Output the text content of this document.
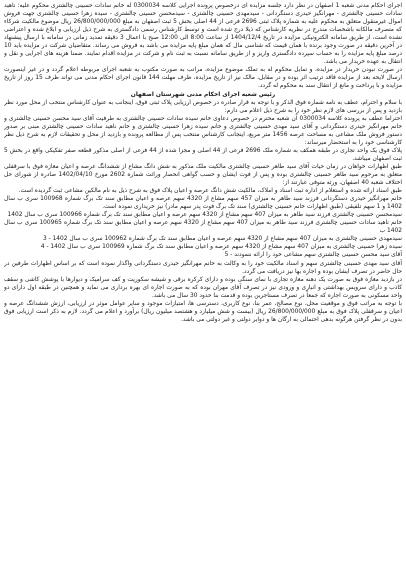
اجرای احکام مدنی شعبه 1 اصفهان در نظر دارد جلسه مزایده ای درخصوص پرونده اجرایی کلاسه 0300034 له خانم سادات حسینی چالشتری محکوم علیه: ناهید سادات حسینی چالشتری - مهرانگیز حیدری دستگردانی - سیدمهدی حسینی چالشتری - سیدمحسن حسینی چالشتری - سیده زهرا حسینی چالشتری جهت فروش اموال غیرمنقول متعلق به محکوم علیه به شماره پلاک ثبتی 2696 فرعی از 44 اصلی بخش 5 ثبت اصفهان به مبلغ 26/800/000/000 ریال موضوع مالکیت شرکاء که متصرف مالکانه باشخصات مندرج در نظریه کارشناس که ذیلا درج شده است و توسط کارشناس رسمی دادگستری به شرح ذیل ارزیابی و ابلاغ شده و اعتراضی نشده است، از طریق سامانه الکترونیکی مزایده در تاریخ 1404/12/4 از ساعت 8:00 الی 12:00 صبح با اعمال 3 دقیقه تمدید زمانی در سامانه با ارسال پیشنهاد در آخرین دقیقه در صورت وجود برنده با همان قیمت که شناسی مال که همان مبلغ پایه مزایده می باشد به فروش می رساند. متقاضیان شرکت در مزایده باید 10 درصد مبلغ پایه مزایده را به حساب سپرده دادگستری واریز و از طریق سامانه نسبت به ثبت نام و شرکت در مزایده اقدام نمایند. ضمنا هزینه های اجرایی و نقل و انتقال به عهده خریدار می باشد.

در صورت نبودن خریدار در مزایده، و تمایل محکوم له به تملک موضوع مزایده، مراتب به صورت مکتوب به شعبه اجرای مربوطه اعلام گردد و در غیر اینصورت ارسال لایحه بعد از مزایده فاقد ترتیب اثر بوده و در مقابل، مالک نیز از تاریخ مزایده، ظرف مهلت 144 قانون اجرای احکام مدنی می تواند ظرف 15 روز از تاریخ مزایده و با پرداخت و مانع از انتقال سند به محکوم له گردد.

رئیس شعبه اجرای احکام مدنی شهرستان اصفهان

با سلام و احترام، عطف به نامه شماره فوق الذکر و با توجه به قرار صادره در خصوص ارزیابی پلاک ثبتی فوق، اینجانب به عنوان کارشناس منتخب از محل مورد نظر بازدید و پس از بررسی های لازم نظر خود را به شرح ذیل اعلام می دارم:

احتراما عطف به پرونده کلاسه 0300034 آن شعبه محترم در خصوص دعاوی خانم سیده سادات حسینی چالشتری به طرفیت آقای سید محسن حسینی چالشتری و خانم مهرانگیز حیدری دستگردانی و آقای سید مهدی حسینی چالشتری و خانم سیده زهرا حسینی چالشتری و خانم ناهید سادات حسینی چالشتری مبنی بر صدور دستور فروش ملک مشاعی به مساحت عرصه 1456 متر مربع، اینجانب کارشناس منتخب پس از مطالعه پرونده و بازدید از محل و تحقیقات لازم به شرح ذیل نظر کارشناسی خود را به استحضار میرساند:

پلاک فوق یک واحد تجاری در طبقه همکف به شماره ملک 2696 فرعی از 44 اصلی و مجزا شده از 44 فرعی از اصلی مذکور قطعه صفر تفکیکی واقع در بخش 5 ثبت اصفهان میباشد.

طبق اظهارات خواهان در زمان حیات آقای سید طاهر حسینی چالشتری مالکیت ملک مذکور به شش دانگ مشاع از ششدانگ عرصه و اعیان مغازه فوق با سرقفلی متعلق به مرحوم سید طاهر حسینی چالشتری بوده و پس از فوت ایشان و حسب گواهی انحصار وراثت شماره 2602 مورخ 1402/04/10 صادره از شورای حل اختلاف شعبه 40 اصفهان، ورثه متوفی عبارتند از:

طبق اسناد ارائه شده و استعلام از اداره ثبت اسناد و املاک، مالکیت شش دانگ عرصه و اعیان پلاک فوق به شرح ذیل به نام مالکین مشاعی ثبت گردیده است.

خانم مهرانگیز حیدری دستگردانی فرزند سید طاهر به میزان 457 سهم مشاع از 4320 سهم عرصه و اعیان مطابق سند تک برگ شماره 100968 سری ب سال 1402 و 1 سهم تلفیقی (طبق اظهارات خانم حسینی چالشتری) سند تک برگ فوت پدر سهم مادر) نیز خریداری نموده است.

سیدمحسن حسینی چالشتری فرزند سید طاهر به میزان 407 سهم مشاع از 4320 سهم عرصه و اعیان مطابق سند تک برگ شماره 100966 سری ب سال 1402

خانم ناهید سادات حسینی چالشتری فرزند سید طاهر به میزان 407 سهم مشاع از 4320 سهم عرصه و اعیان مطابق سند تک برگ شماره 100965 سری ب سال 1402 ب

سیدمهدی حسینی چالشتری به میزان 407 سهم مشاع از 4320 سهم عرصه و اعیان مطابق سند تک برگ شماره 100962 سری ب سال 1402 - 3

سیده زهرا حسینی چالشتری به میزان 407 سهم مشاع از 4320 سهم عرصه و اعیان مطابق سند تک برگ شماره 100969 سری ب سال 1402 - 4

آقای سید محسن حسینی چالشتری سهم مشاعی خود را ارائه ننمودند - 5

آقای سید مهدی حسینی چالشتری سهم و اسناد مالکیت خود را به وکالت به خانم مهرانگیز حیدری دستگردانی واگذار نموده است که بر اساس اظهارات طرفین در حال حاضر در تصرف ایشان بوده و اجاره بها نیز دریافت می گردد.

در بازدید مغازه فوق به صورت یک دهنه مغازه تجاری با نمای سنگی بوده و دارای کرکره برقی و شیشه سکوریت و کف سرامیک و دیوارها با پوشش کاشی و سقف کاذب و دارای سرویس بهداشتی و انباری و ورودی نیز در تصرف آقای مهران بوده که به صورت اجاره ای بهره برداری می نماید و همچنین در طبقه اول دارای دو واحد مسکونی به صورت اجاره که جمعاً در تصرف مستاجرین بوده و قدمت بنا حدود 30 سال می باشد.

با توجه به مراتب فوق و موقعیت محل، نوع مصالح، عمر بنا، نوع کاربری، دسترسی ها، امتیازات موجود و سایر عوامل موثر در ارزیابی، ارزش ششدانگ عرصه و اعیان و سرقفلی پلاک فوق به مبلغ 26/800/000/000 ریال (بیست و شش میلیارد و هشتصد میلیون ریال) برآورد و اعلام می گردد. لازم به ذکر است ارزیابی فوق بدون در نظر گرفتن هرگونه بدهی احتمالی به ارگان ها و دوایر دولتی و غیر دولتی می باشد.
